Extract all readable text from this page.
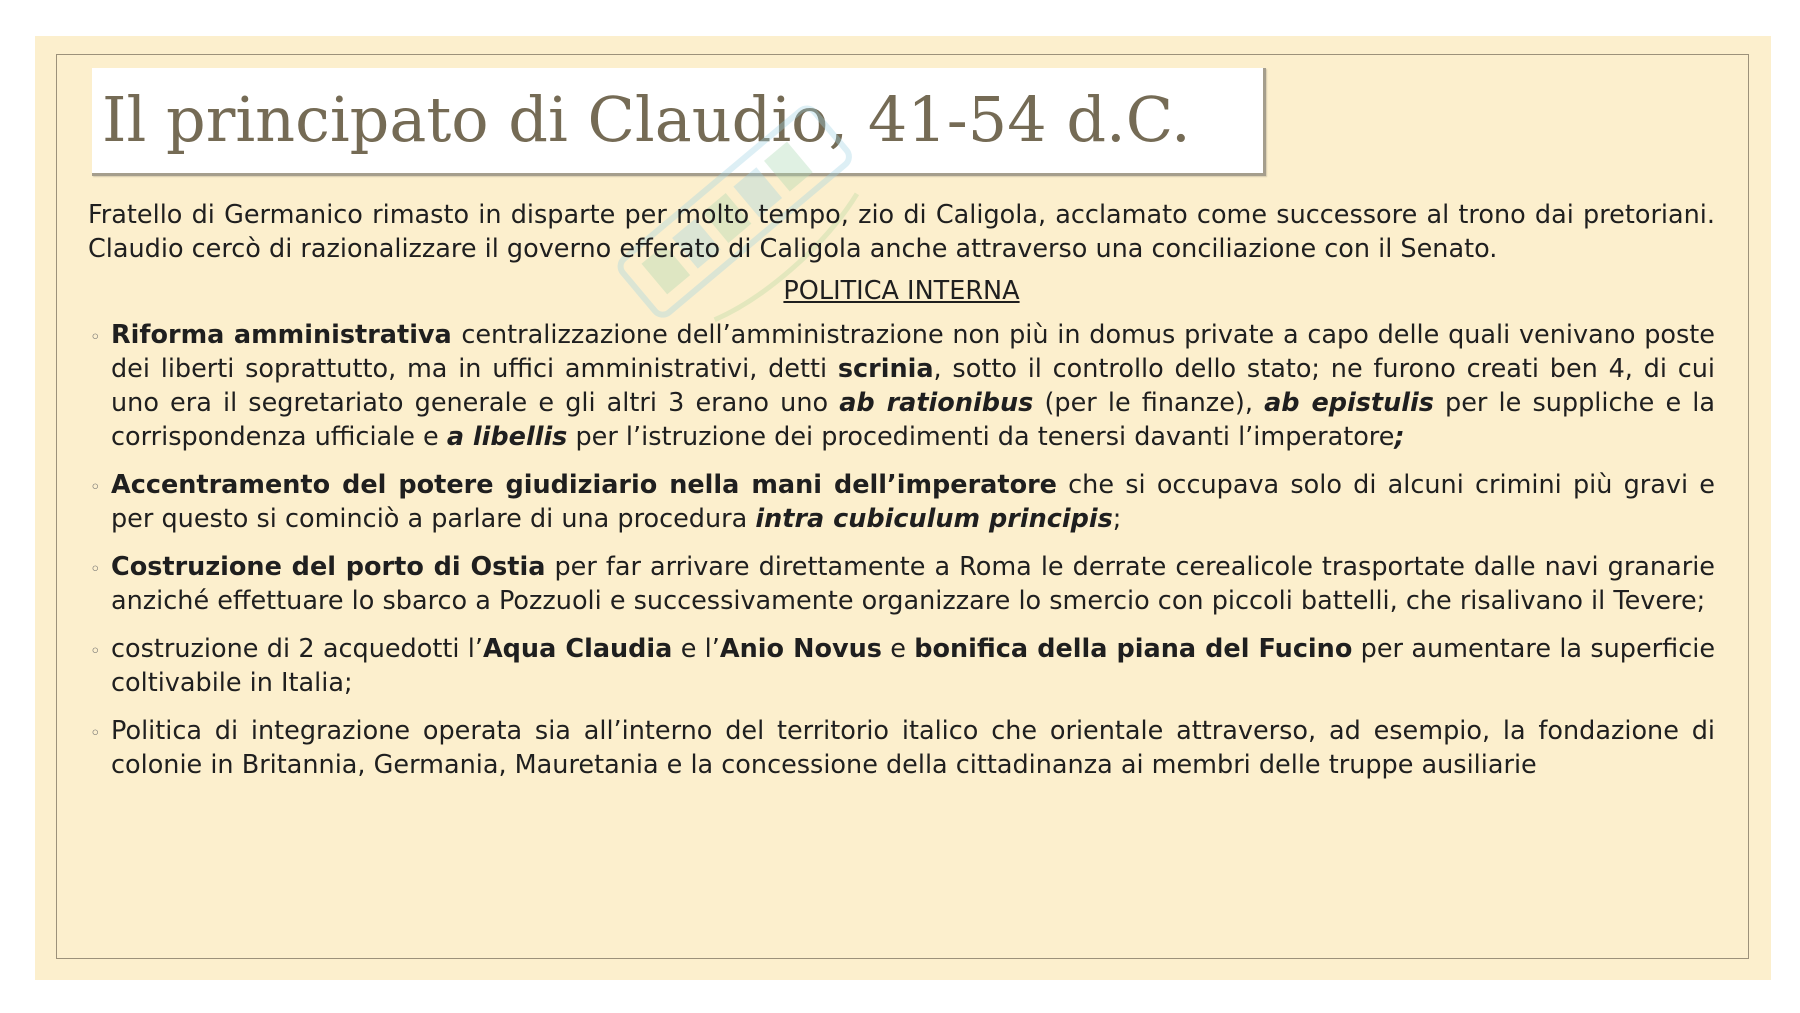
Il principato di Claudio, 41-54 d.C.

Fratello di Germanico rimasto in disparte per molto tempo, zio di Caligola, acclamato come successore al trono dai pretoriani. Claudio cercò di razionalizzare il governo efferato di Caligola anche attraverso una conciliazione con il Senato.

POLITICA INTERNA
◦ Riforma amministrativa centralizzazione dell’amministrazione non più in domus private a capo delle quali venivano poste dei liberti soprattutto, ma in uffici amministrativi, detti scrinia, sotto il controllo dello stato; ne furono creati ben 4, di cui uno era il segretariato generale e gli altri 3 erano uno ab rationibus (per le finanze), ab epistulis per le suppliche e la corrispondenza ufficiale e a libellis per l’istruzione dei procedimenti da tenersi davanti l’imperatore;
◦ Accentramento del potere giudiziario nella mani dell’imperatore che si occupava solo di alcuni crimini più gravi e per questo si cominciò a parlare di una procedura intra cubiculum principis;
◦ Costruzione del porto di Ostia per far arrivare direttamente a Roma le derrate cerealicole trasportate dalle navi granarie anziché effettuare lo sbarco a Pozzuoli e successivamente organizzare lo smercio con piccoli battelli, che risalivano il Tevere;
◦ costruzione di 2 acquedotti l’Aqua Claudia e l’Anio Novus e bonifica della piana del Fucino per aumentare la superficie coltivabile in Italia;
◦ Politica di integrazione operata sia all’interno del territorio italico che orientale attraverso, ad esempio, la fondazione di colonie in Britannia, Germania, Mauretania e la concessione della cittadinanza ai membri delle truppe ausiliarie
